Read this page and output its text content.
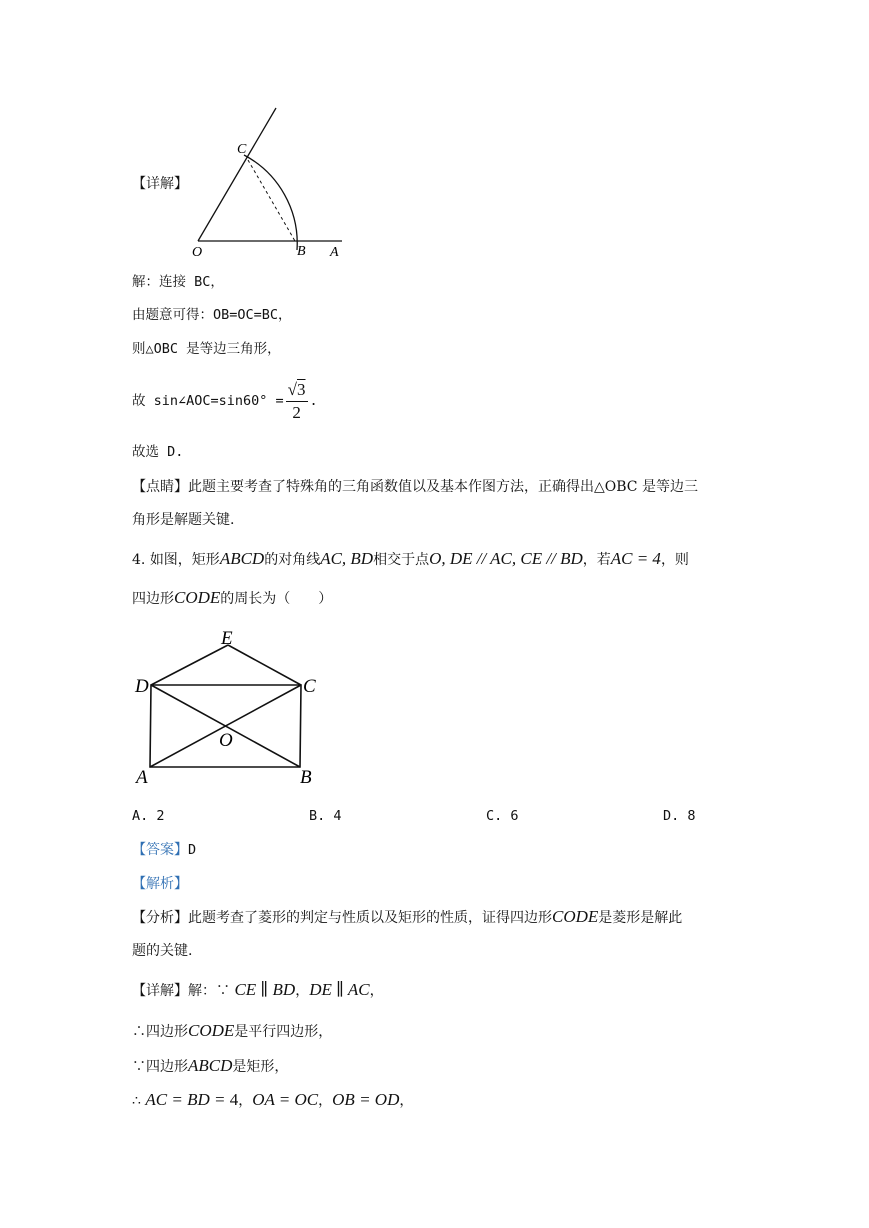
C
O	B A
【详解】
解：连接 BC，
由题意可得：OB=OC=BC，
则△OBC 是等边三角形，
故 sin∠AOC=sin60° = $\frac{√3}{2}$ .
故选 D.
【点睛】此题主要考查了特殊角的三角函数值以及基本作图方法，正确得出△OBC 是等边三
角形是解题关键.
4. 如图，矩形ABCD的对角线AC, BD相交于点O, DE // AC, CE // BD，若AC = 4，则
四边形CODE的周长为（　　）
E
D	C
O
A	B
A. 2	B. 4	C. 6	D. 8
【答案】D
【解析】
【分析】此题考查了菱形的判定与性质以及矩形的性质，证得四边形CODE是菱形是解此
题的关键.
【详解】解：∵ CE ∥ BD，DE ∥ AC，
∴四边形CODE是平行四边形，
∵四边形ABCD是矩形，
∴ AC = BD = 4，OA = OC，OB = OD，
